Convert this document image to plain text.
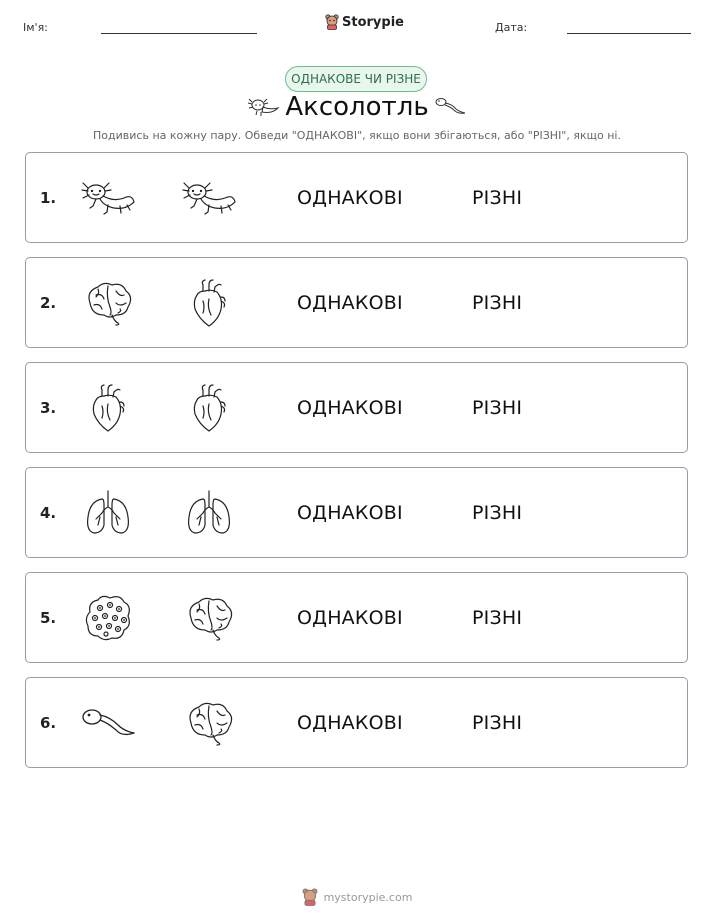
Ім'я:	Storypie	Дата:
ОДНАКОВЕ ЧИ РІЗНЕ
Аксолотль
Подивись на кожну пару. Обведи "ОДНАКОВІ", якщо вони збігаються, або "РІЗНІ", якщо ні.
1.	ОДНАКОВІ	РІЗНІ
2.	ОДНАКОВІ	РІЗНІ
3.	ОДНАКОВІ	РІЗНІ
4.	ОДНАКОВІ	РІЗНІ
5.	ОДНАКОВІ	РІЗНІ
6.	ОДНАКОВІ	РІЗНІ
mystorypie.com
